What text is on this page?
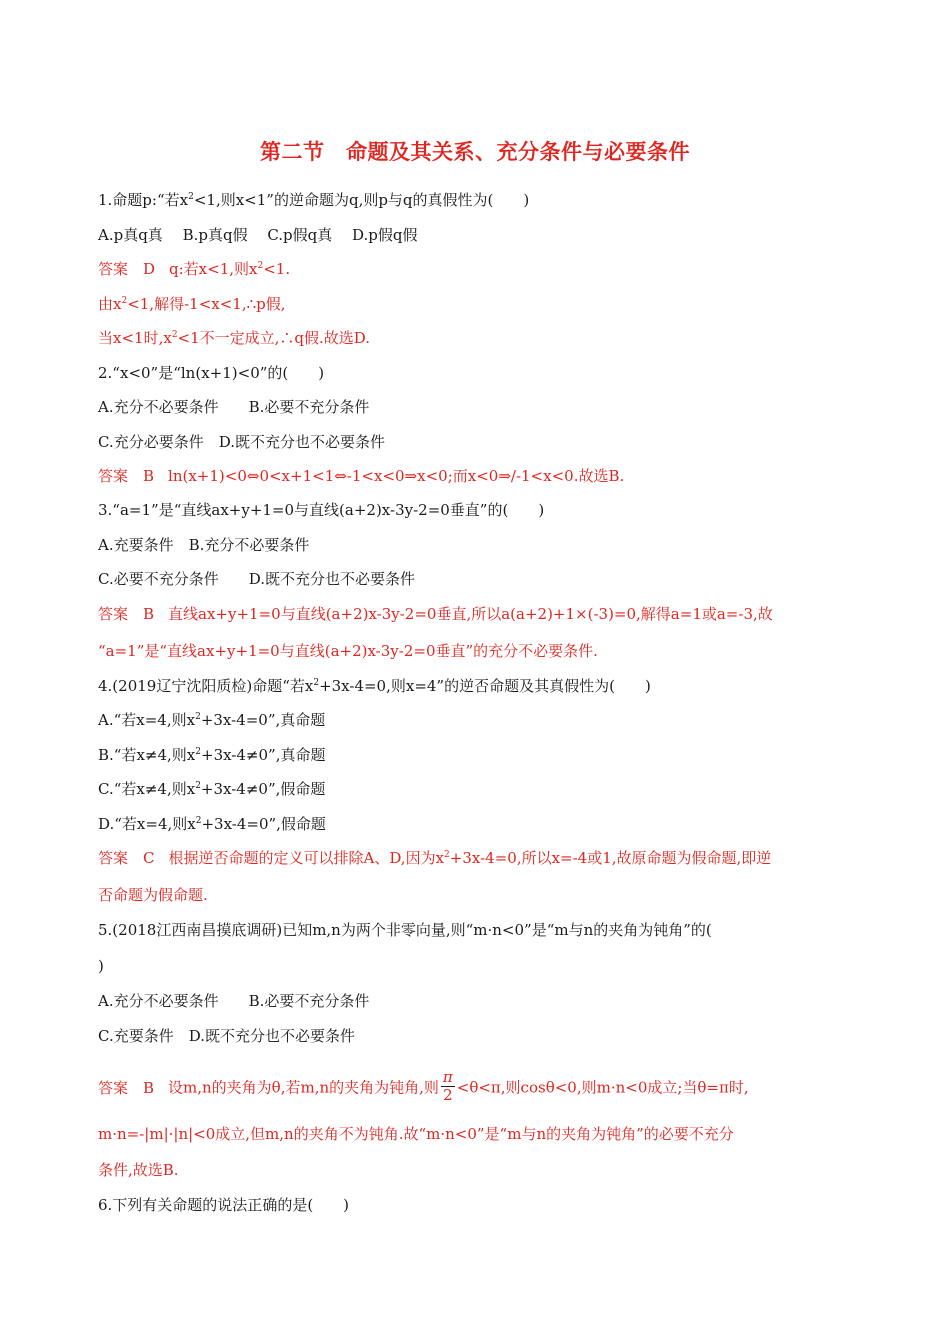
第二节　命题及其关系、充分条件与必要条件
1.命题p:“若$x^2<1$,则x<1”的逆命题为q,则p与q的真假性为(　　)
A.p真q真　 B.p真q假　 C.p假q真　 D.p假q假
答案　D q:若x<1,则$x^2<1$.
由$x^2<1$,解得-1<x<1,∴p假,
当x<1时$,x^2<1$不一定成立,∴q假.故选D.
2.“x<0”是“ln(x+1)<0”的(　　)
A.充分不必要条件　　B.必要不充分条件
C.充分必要条件　D.既不充分也不必要条件
答案　B ln(x+1)<0⇔0<x+1<1⇔-1<x<0⇒x<0;而x<0⇒/-1<x<0.故选B.
3.“a=1”是“直线ax+y+1=0与直线(a+2)x-3y-2=0垂直”的(　　)
A.充要条件　B.充分不必要条件
C.必要不充分条件　　D.既不充分也不必要条件
答案　B 直线ax+y+1=0与直线(a+2)x-3y-2=0垂直,所以a(a+2)+1×(-3)=0,解得a=1或a=-3,故
“a=1”是“直线ax+y+1=0与直线(a+2)x-3y-2=0垂直”的充分不必要条件.
4.(2019辽宁沈阳质检)命题“若$x^2+3x-4=0$,则x=4”的逆否命题及其真假性为(　　)
A.“若x=4,则$x^2+3x-4=0$”,真命题
B.“若x≠4,则$x^2+3x-4\ne 0$”,真命题
C.“若x≠4,则$x^2+3x-4\ne 0$”,假命题
D.“若x=4,则$x^2+3x-4=0$”,假命题
答案　C 根据逆否命题的定义可以排除A、D,因为$x^2+3x-4=0$,所以x=-4或1,故原命题为假命题,即逆
否命题为假命题.
5.(2018江西南昌摸底调研)已知m,n为两个非零向量,则“m·n<0”是“m与n的夹角为钝角”的(
)
A.充分不必要条件　　B.必要不充分条件
C.充要条件　D.既不充分也不必要条件
答案　B 设m,n的夹角为θ,若m,n的夹角为钝角,则 $\frac{\pi}{2} <\theta<\pi$,则cosθ<0,则m·n<0成立;当θ=π时,
m·n=-|m|·|n|<0成立,但m,n的夹角不为钝角.故“m·n<0”是“m与n的夹角为钝角”的必要不充分
条件,故选B.
6.下列有关命题的说法正确的是(　　)
